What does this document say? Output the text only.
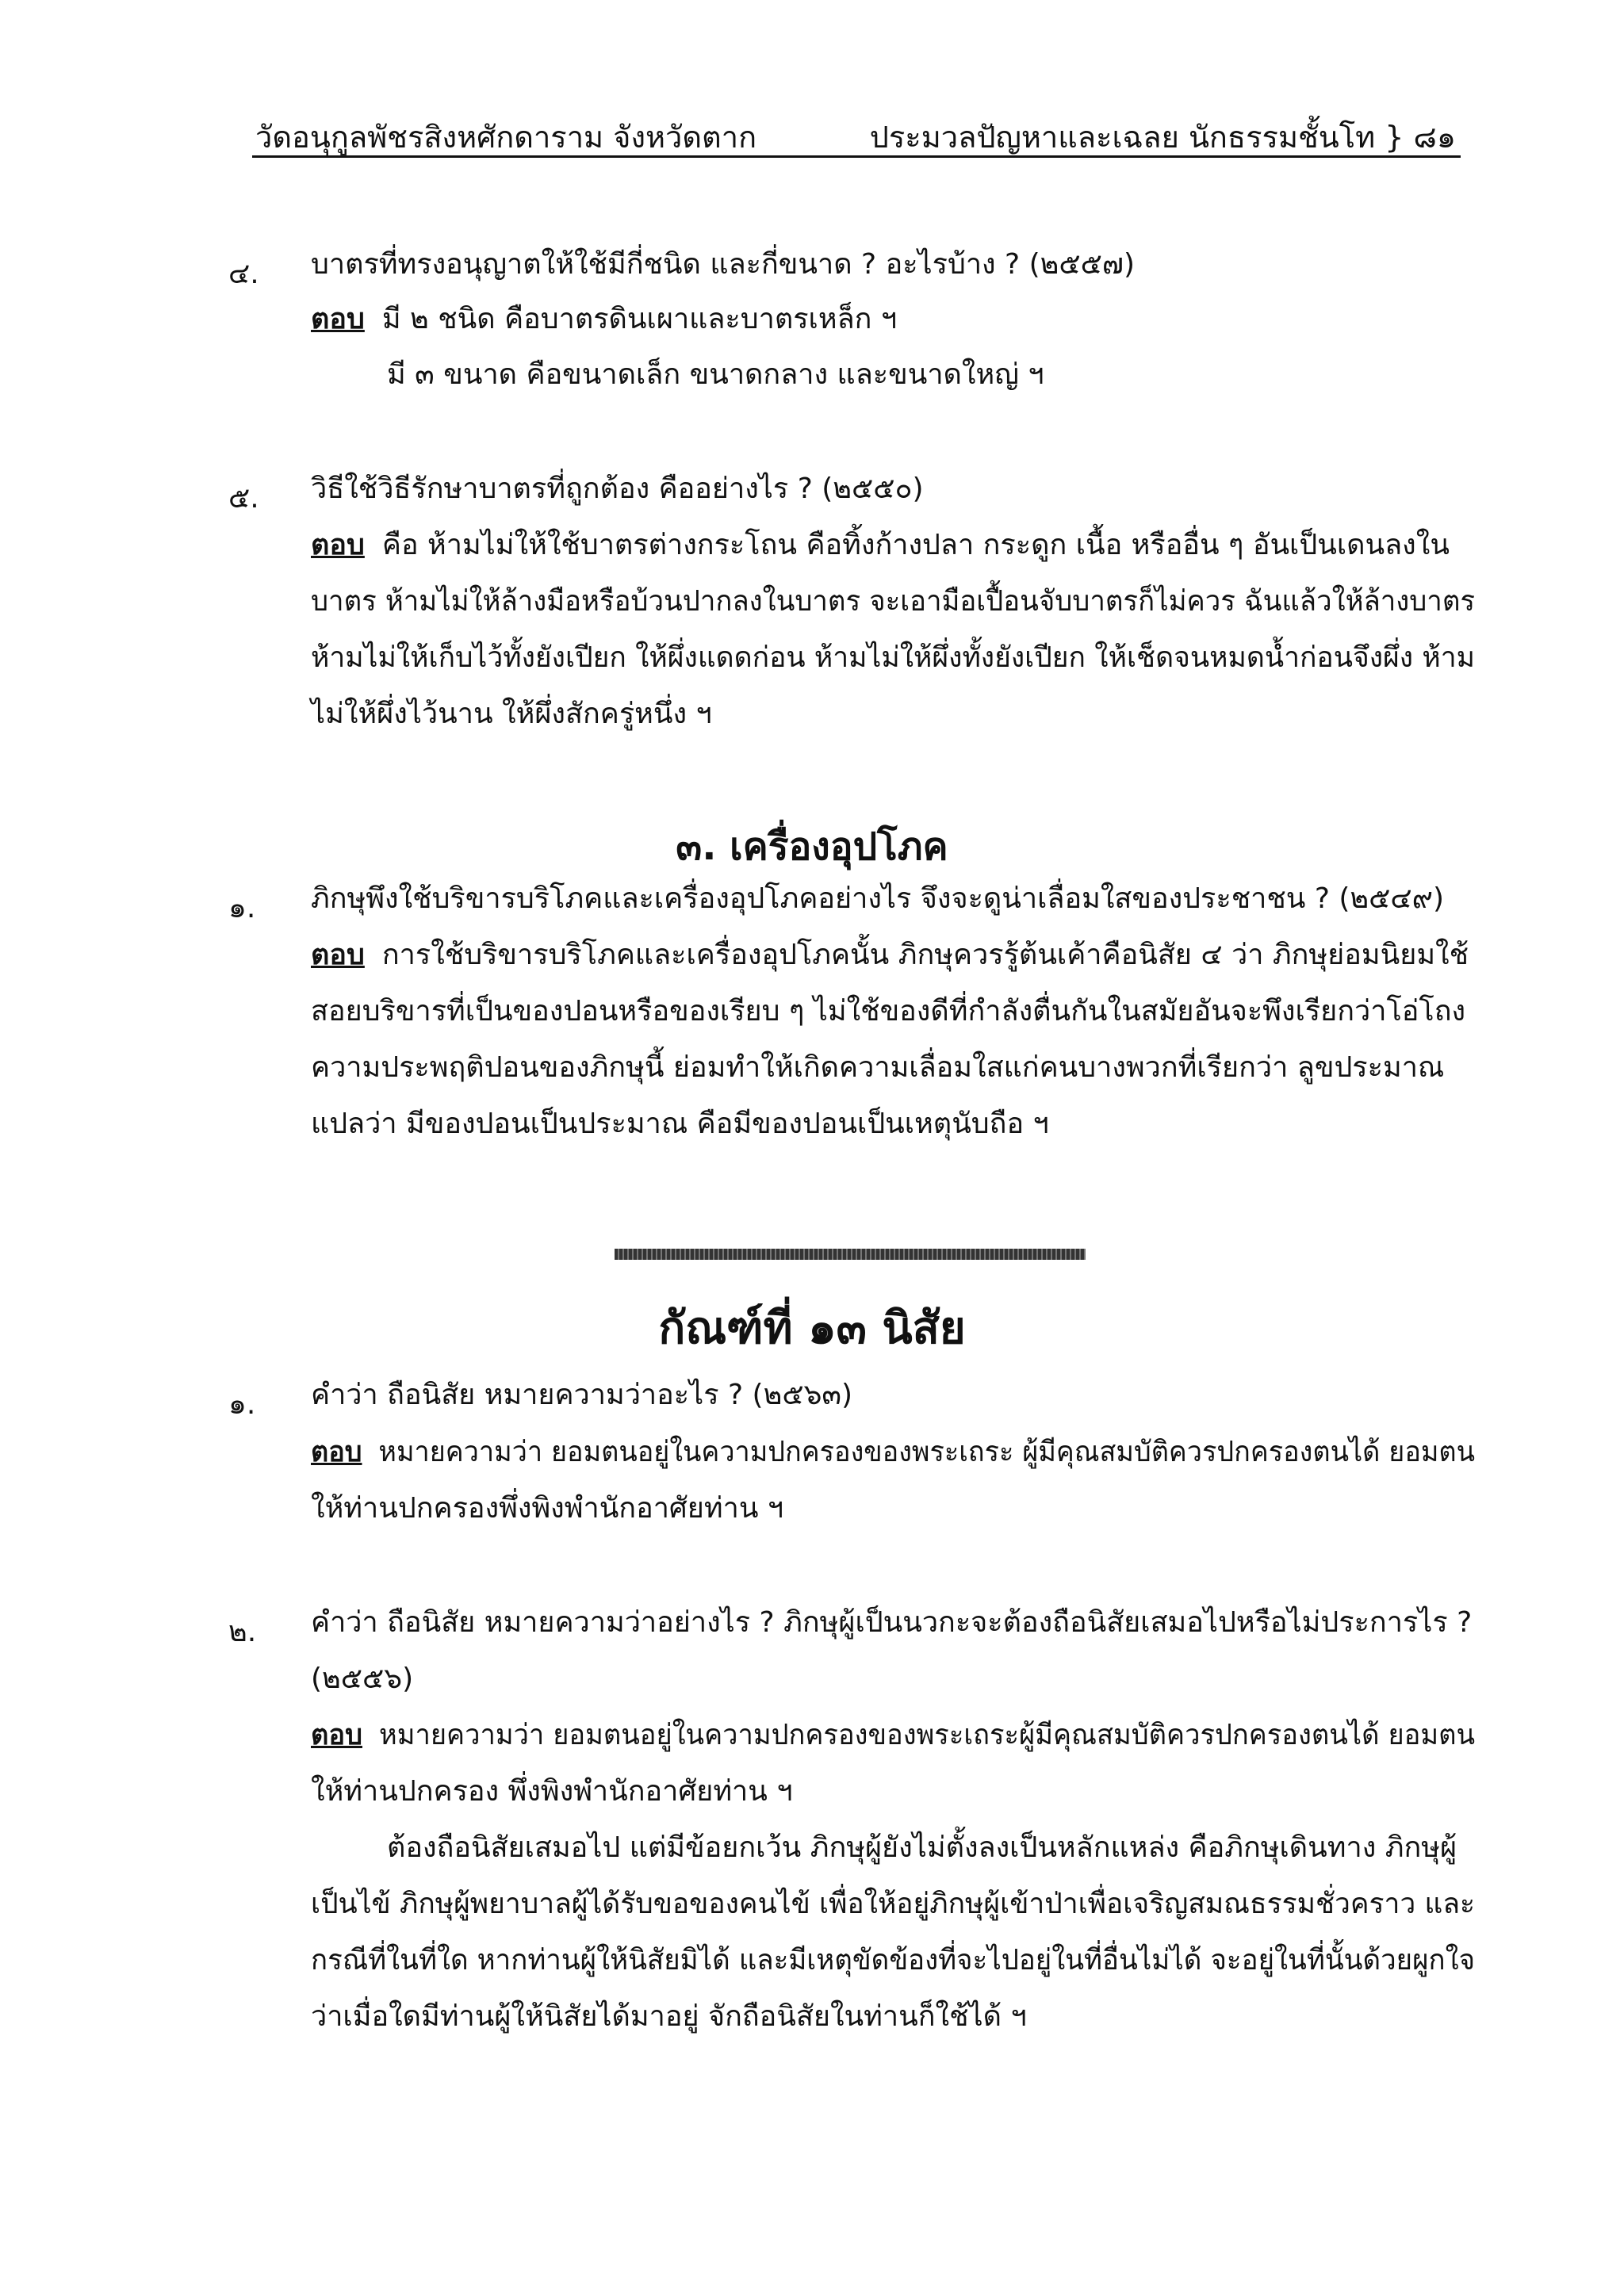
วัดอนุกูลพัชรสิงหศักดาราม จังหวัดตาก	ประมวลปัญหาและเฉลย นักธรรมชั้นโท } ๘๑
๔. บาตรที่ทรงอนุญาตให้ใช้มีกี่ชนิด และกี่ขนาด ? อะไรบ้าง ? (๒๕๕๗)
ตอบ มี ๒ ชนิด คือบาตรดินเผาและบาตรเหล็ก ฯ
มี ๓ ขนาด คือขนาดเล็ก ขนาดกลาง และขนาดใหญ่ ฯ
๕. วิธีใช้วิธีรักษาบาตรที่ถูกต้อง คืออย่างไร ? (๒๕๕๐)
ตอบ คือ ห้ามไม่ให้ใช้บาตรต่างกระโถน คือทิ้งก้างปลา กระดูก เนื้อ หรืออื่น ๆ อันเป็นเดนลงใน
บาตร ห้ามไม่ให้ล้างมือหรือบ้วนปากลงในบาตร จะเอามือเปื้อนจับบาตรก็ไม่ควร ฉันแล้วให้ล้างบาตร
ห้ามไม่ให้เก็บไว้ทั้งยังเปียก ให้ผึ่งแดดก่อน ห้ามไม่ให้ผึ่งทั้งยังเปียก ให้เช็ดจนหมดน้ำก่อนจึงผึ่ง ห้าม
ไม่ให้ผึ่งไว้นาน ให้ผึ่งสักครู่หนึ่ง ฯ
๓. เครื่องอุปโภค
๑. ภิกษุพึงใช้บริขารบริโภคและเครื่องอุปโภคอย่างไร จึงจะดูน่าเลื่อมใสของประชาชน ? (๒๕๔๙)
ตอบ การใช้บริขารบริโภคและเครื่องอุปโภคนั้น ภิกษุควรรู้ต้นเค้าคือนิสัย ๔ ว่า ภิกษุย่อมนิยมใช้
สอยบริขารที่เป็นของปอนหรือของเรียบ ๆ ไม่ใช้ของดีที่กำลังตื่นกันในสมัยอันจะพึงเรียกว่าโอ่โถง
ความประพฤติปอนของภิกษุนี้ ย่อมทำให้เกิดความเลื่อมใสแก่คนบางพวกที่เรียกว่า ลูขประมาณ
แปลว่า มีของปอนเป็นประมาณ คือมีของปอนเป็นเหตุนับถือ ฯ
กัณฑ์ที่ ๑๓ นิสัย
๑. คำว่า ถือนิสัย หมายความว่าอะไร ? (๒๕๖๓)
ตอบ หมายความว่า ยอมตนอยู่ในความปกครองของพระเถระ ผู้มีคุณสมบัติควรปกครองตนได้ ยอมตน
ให้ท่านปกครองพึ่งพิงพำนักอาศัยท่าน ฯ
๒. คำว่า ถือนิสัย หมายความว่าอย่างไร ? ภิกษุผู้เป็นนวกะจะต้องถือนิสัยเสมอไปหรือไม่ประการไร ?
(๒๕๕๖)
ตอบ หมายความว่า ยอมตนอยู่ในความปกครองของพระเถระผู้มีคุณสมบัติควรปกครองตนได้ ยอมตน
ให้ท่านปกครอง พึ่งพิงพำนักอาศัยท่าน ฯ
ต้องถือนิสัยเสมอไป แต่มีข้อยกเว้น ภิกษุผู้ยังไม่ตั้งลงเป็นหลักแหล่ง คือภิกษุเดินทาง ภิกษุผู้
เป็นไข้ ภิกษุผู้พยาบาลผู้ได้รับขอของคนไข้ เพื่อให้อยู่ภิกษุผู้เข้าป่าเพื่อเจริญสมณธรรมชั่วคราว และ
กรณีที่ในที่ใด หากท่านผู้ให้นิสัยมิได้ และมีเหตุขัดข้องที่จะไปอยู่ในที่อื่นไม่ได้ จะอยู่ในที่นั้นด้วยผูกใจ
ว่าเมื่อใดมีท่านผู้ให้นิสัยได้มาอยู่ จักถือนิสัยในท่านก็ใช้ได้ ฯ
